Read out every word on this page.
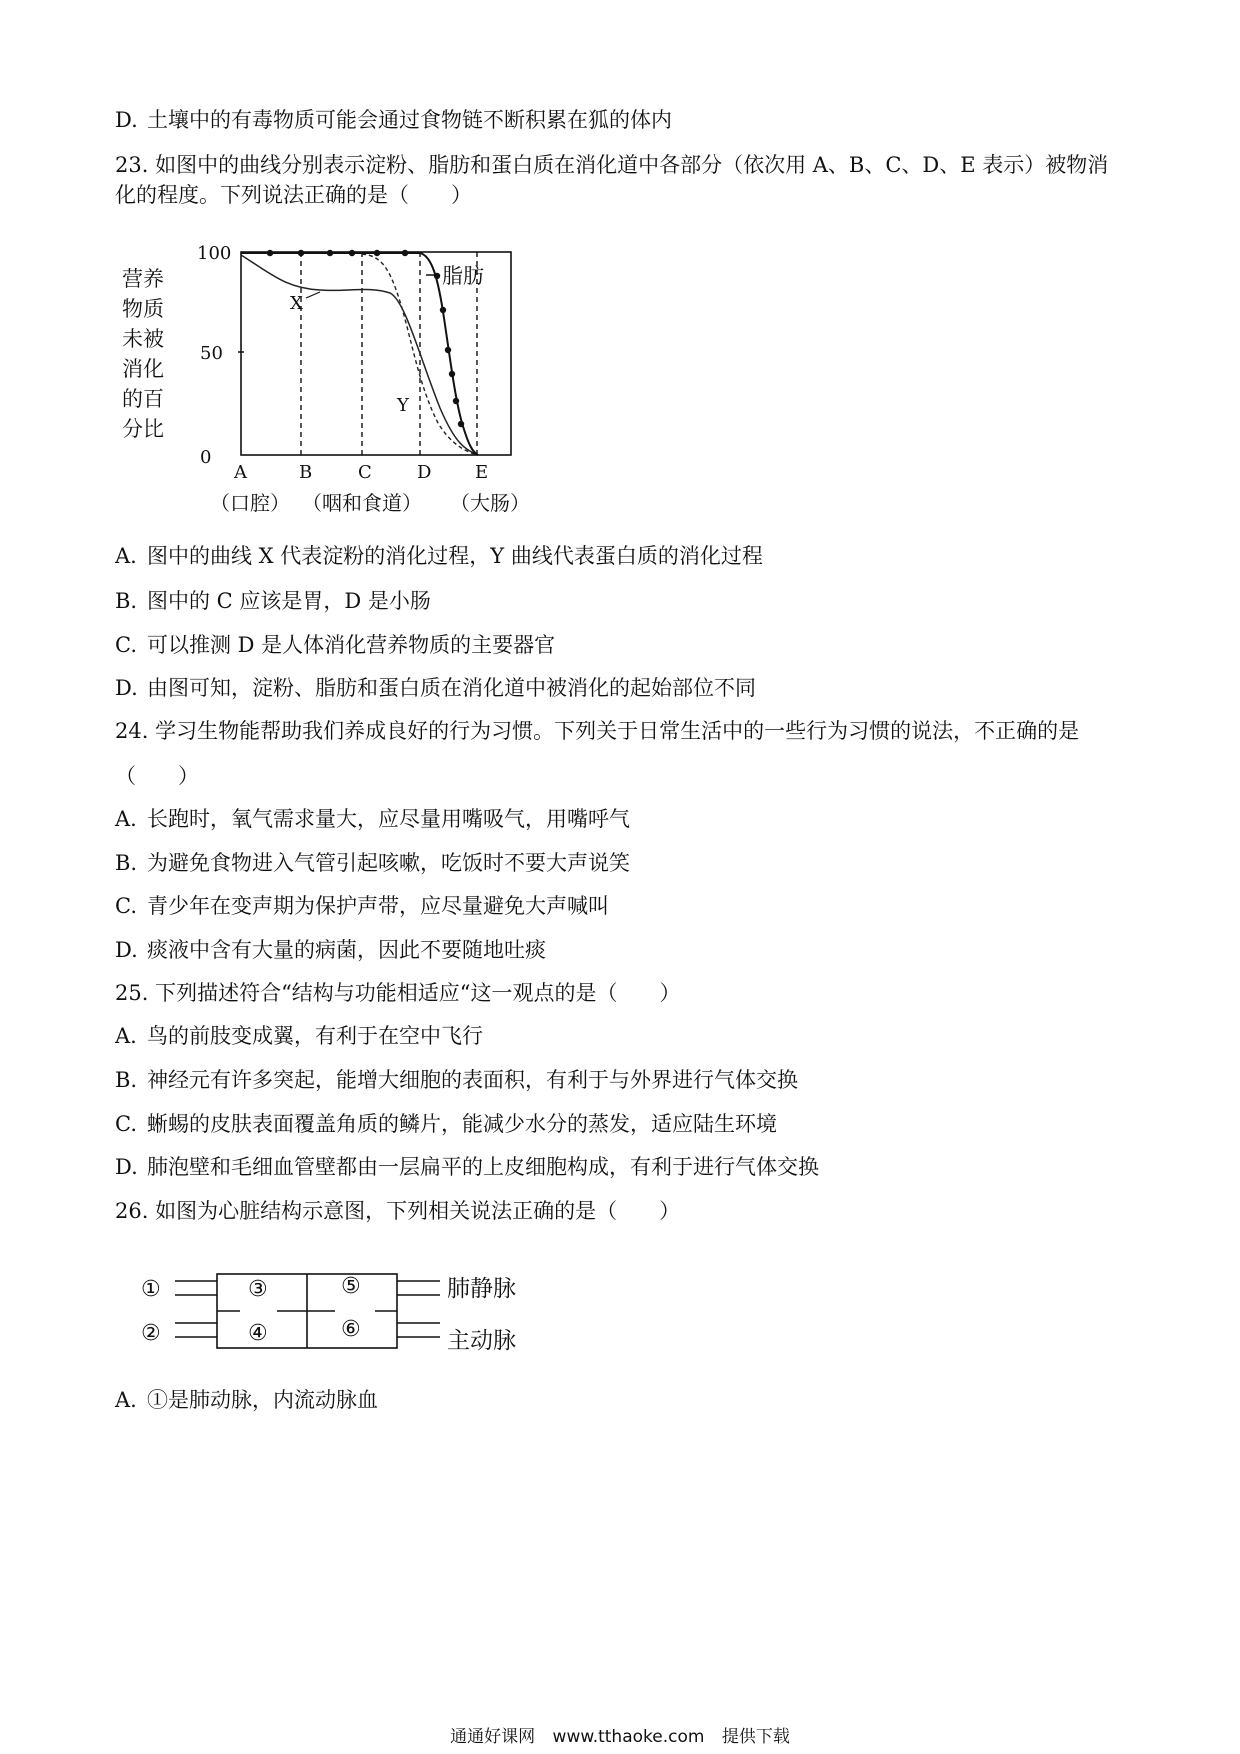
D. 土壤中的有毒物质可能会通过食物链不断积累在狐的体内

23. 如图中的曲线分别表示淀粉、脂肪和蛋白质在消化道中各部分（依次用 A、B、C、D、E 表示）被物消

化的程度。下列说法正确的是（　　）

营养
物质
未被
消化
的百
分比
100
50
0
脂肪
X
Y
A	B	C	D E
（口腔） （咽和食道） （大肠）

A. 图中的曲线 X 代表淀粉的消化过程，Y 曲线代表蛋白质的消化过程

B. 图中的 C 应该是胃，D 是小肠

C. 可以推测 D 是人体消化营养物质的主要器官

D. 由图可知，淀粉、脂肪和蛋白质在消化道中被消化的起始部位不同

24. 学习生物能帮助我们养成良好的行为习惯。下列关于日常生活中的一些行为习惯的说法，不正确的是

（　　）

A. 长跑时，氧气需求量大，应尽量用嘴吸气，用嘴呼气

B. 为避免食物进入气管引起咳嗽，吃饭时不要大声说笑

C. 青少年在变声期为保护声带，应尽量避免大声喊叫

D. 痰液中含有大量的病菌，因此不要随地吐痰

25. 下列描述符合“结构与功能相适应“这一观点的是（　　）

A. 鸟的前肢变成翼，有利于在空中飞行

B. 神经元有许多突起，能增大细胞的表面积，有利于与外界进行气体交换

C. 蜥蜴的皮肤表面覆盖角质的鳞片，能减少水分的蒸发，适应陆生环境

D. 肺泡壁和毛细血管壁都由一层扁平的上皮细胞构成，有利于进行气体交换

26. 如图为心脏结构示意图，下列相关说法正确的是（　　）

①
②
③
④
⑤
⑥
肺静脉
主动脉

A. ①是肺动脉，内流动脉血

通通好课网 www.tthaoke.com 提供下载
